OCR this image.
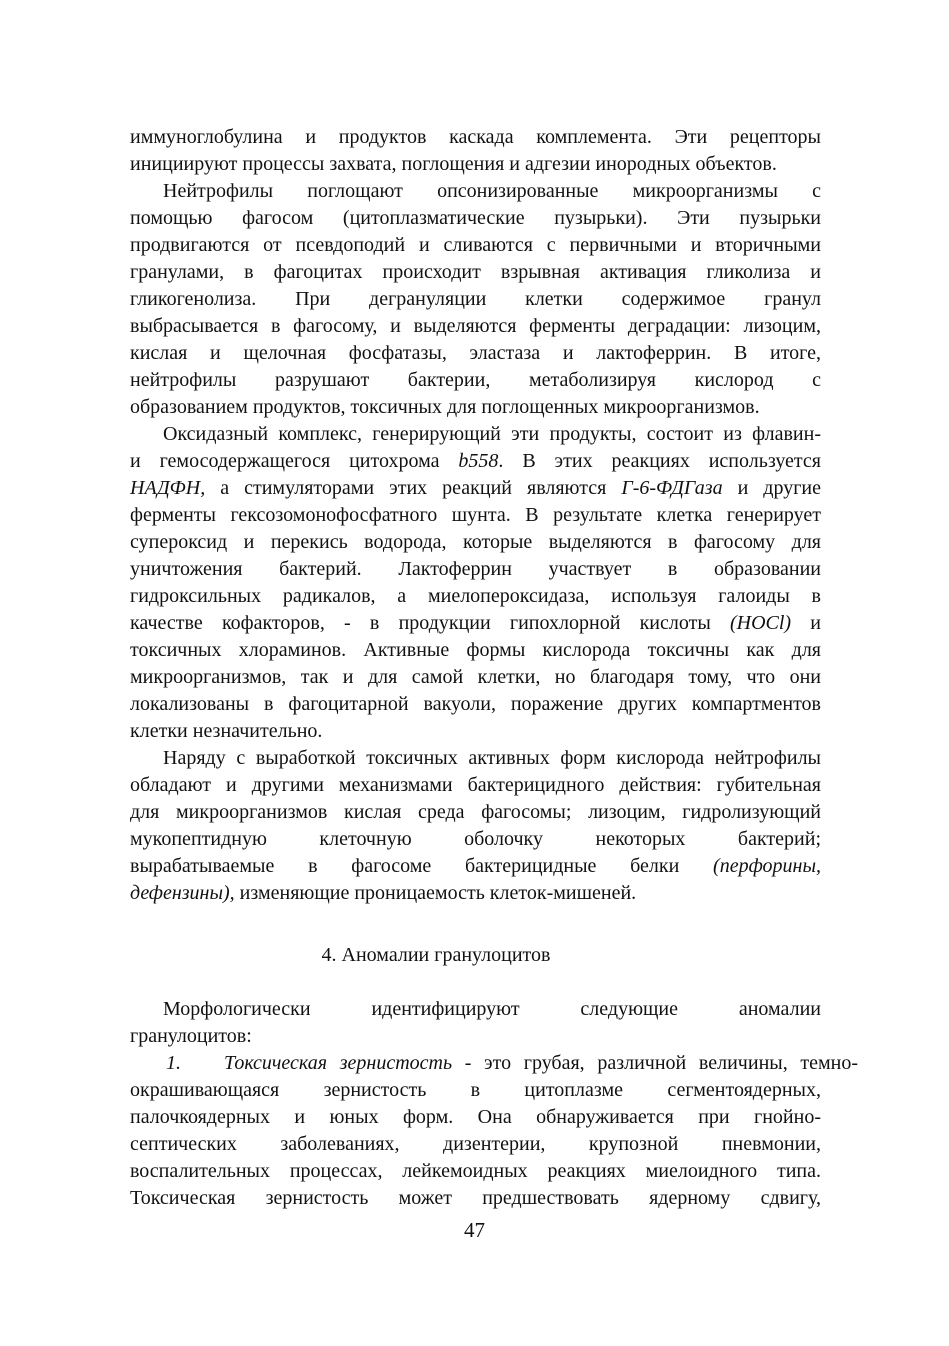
иммуноглобулина и продуктов каскада комплемента. Эти рецепторы
инициируют процессы захвата, поглощения и адгезии инородных объектов.
Нейтрофилы поглощают опсонизированные микроорганизмы с
помощью фагосом (цитоплазматические пузырьки). Эти пузырьки
продвигаются от псевдоподий и сливаются с первичными и вторичными
гранулами, в фагоцитах происходит взрывная активация гликолиза и
гликогенолиза. При дегрануляции клетки содержимое гранул
выбрасывается в фагосому, и выделяются ферменты деградации: лизоцим,
кислая и щелочная фосфатазы, эластаза и лактоферрин. В итоге,
нейтрофилы разрушают бактерии, метаболизируя кислород с
образованием продуктов, токсичных для поглощенных микроорганизмов.
Оксидазный комплекс, генерирующий эти продукты, состоит из флавин-
и гемосодержащегося цитохрома b558. В этих реакциях используется
НАДФН, а стимуляторами этих реакций являются Г-6-ФДГаза и другие
ферменты гексозомонофосфатного шунта. В результате клетка генерирует
супероксид и перекись водорода, которые выделяются в фагосому для
уничтожения бактерий. Лактоферрин участвует в образовании
гидроксильных радикалов, а миелопероксидаза, используя галоиды в
качестве кофакторов, - в продукции гипохлорной кислоты (HOCl) и
токсичных хлораминов. Активные формы кислорода токсичны как для
микроорганизмов, так и для самой клетки, но благодаря тому, что они
локализованы в фагоцитарной вакуоли, поражение других компартментов
клетки незначительно.
Наряду с выработкой токсичных активных форм кислорода нейтрофилы
обладают и другими механизмами бактерицидного действия: губительная
для микроорганизмов кислая среда фагосомы; лизоцим, гидролизующий
мукопептидную клеточную оболочку некоторых бактерий;
вырабатываемые в фагосоме бактерицидные белки (перфорины,
дефензины), изменяющие проницаемость клеток-мишеней.
4. Аномалии гранулоцитов
Морфологически идентифицируют следующие аномалии
гранулоцитов:
1. Токсическая зернистость - это грубая, различной величины, темно-
окрашивающаяся зернистость в цитоплазме сегментоядерных,
палочкоядерных и юных форм. Она обнаруживается при гнойно-
септических заболеваниях, дизентерии, крупозной пневмонии,
воспалительных процессах, лейкемоидных реакциях миелоидного типа.
Токсическая зернистость может предшествовать ядерному сдвигу,
47
